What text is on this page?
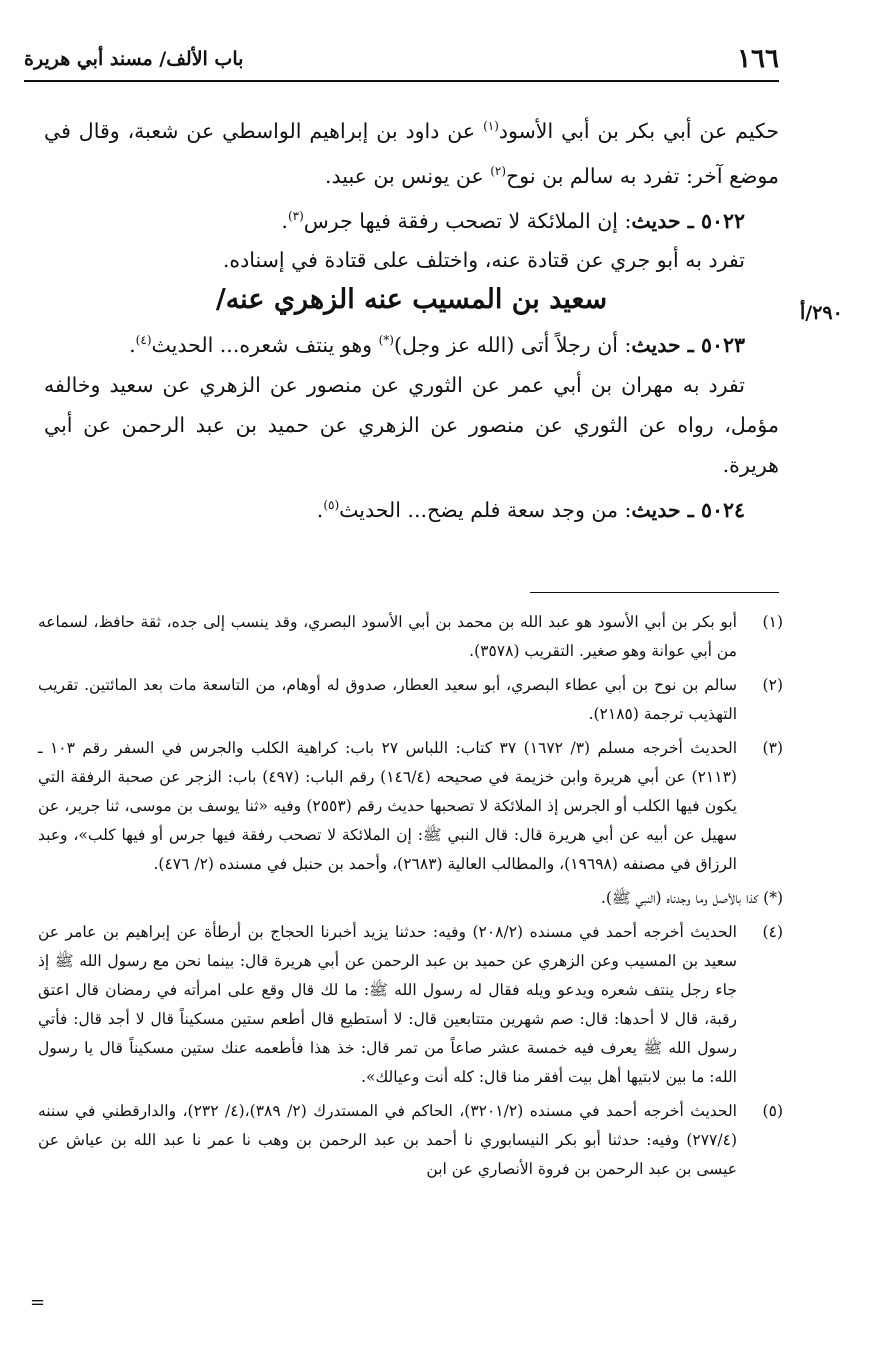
١٦٦
باب الألف/ مسند أبي هريرة
٢٩٠/أ

حكيم عن أبي بكر بن أبي الأسود$^{(١)}$ عن داود بن إبراهيم الواسطي عن شعبة، وقال في موضع آخر: تفرد به سالم بن نوح$^{(٢)}$ عن يونس بن عبيد.

٥٠٢٢ ـ حديث: إن الملائكة لا تصحب رفقة فيها جرس$^{(٣)}$.

تفرد به أبو جري عن قتادة عنه، واختلف على قتادة في إسناده.

سعيد بن المسيب عنه الزهري عنه/

٥٠٢٣ ـ حديث: أن رجلاً أتى (الله عز وجل)(*) وهو ينتف شعره... الحديث$^{(٤)}$.

تفرد به مهران بن أبي عمر عن الثوري عن منصور عن الزهري عن سعيد وخالفه مؤمل، رواه عن الثوري عن منصور عن الزهري عن حميد بن عبد الرحمن عن أبي هريرة.

٥٠٢٤ ـ حديث: من وجد سعة فلم يضح... الحديث$^{(٥)}$.

(١)
أبو بكر بن أبي الأسود هو عبد الله بن محمد بن أبي الأسود البصري، وقد ينسب إلى جده، ثقة حافظ، لسماعه من أبي عوانة وهو صغير. التقريب (٣٥٧٨).
(٢)
سالم بن نوح بن أبي عطاء البصري، أبو سعيد العطار، صدوق له أوهام، من التاسعة مات بعد المائتين. تقريب التهذيب ترجمة (٢١٨٥).
(٣)
الحديث أخرجه مسلم (٣/ ١٦٧٢) ٣٧ كتاب: اللباس ٢٧ باب: كراهية الكلب والجرس في السفر رقم ١٠٣ ـ (٢١١٣) عن أبي هريرة وابن خزيمة في صحيحه (١٤٦/٤) رقم الباب: (٤٩٧) باب: الزجر عن صحبة الرفقة التي يكون فيها الكلب أو الجرس إذ الملائكة لا تصحبها حديث رقم (٢٥٥٣) وفيه «ثنا يوسف بن موسى، ثنا جرير، عن سهيل عن أبيه عن أبي هريرة قال: قال النبي ﷺ: إن الملائكة لا تصحب رفقة فيها جرس أو فيها كلب»، وعبد الرزاق في مصنفه (١٩٦٩٨)، والمطالب العالية (٢٦٨٣)، وأحمد بن حنبل في مسنده (٢/ ٤٧٦).
(*) كذا بالأصل وما وجدناه (النبي ﷺ).
(٤)
الحديث أخرجه أحمد في مسنده (٢٠٨/٢) وفيه: حدثنا يزيد أخبرنا الحجاج بن أرطأة عن إبراهيم بن عامر عن سعيد بن المسيب وعن الزهري عن حميد بن عبد الرحمن عن أبي هريرة قال: بينما نحن مع رسول الله ﷺ إذ جاء رجل ينتف شعره ويدعو ويله فقال له رسول الله ﷺ: ما لك قال وقع على امرأته في رمضان قال اعتق رقبة، قال لا أحدها: قال: صم شهرين متتابعين قال: لا أستطيع قال أطعم ستين مسكيناً قال لا أجد قال: فأتي رسول الله ﷺ يعرف فيه خمسة عشر صاعاً من تمر قال: خذ هذا فأطعمه عنك ستين مسكيناً قال يا رسول الله: ما بين لابتيها أهل بيت أفقر منا قال: كله أنت وعيالك».
(٥)
الحديث أخرجه أحمد في مسنده (٣٢٠١/٢)، الحاكم في المستدرك (٢/ ٣٨٩)،(٤/ ٢٣٢)، والدارقطني في سننه (٢٧٧/٤) وفيه: حدثنا أبو بكر النيسابوري نا أحمد بن عبد الرحمن بن وهب نا عمر نا عبد الله بن عياش عن عيسى بن عبد الرحمن بن فروة الأنصاري عن ابن
=
